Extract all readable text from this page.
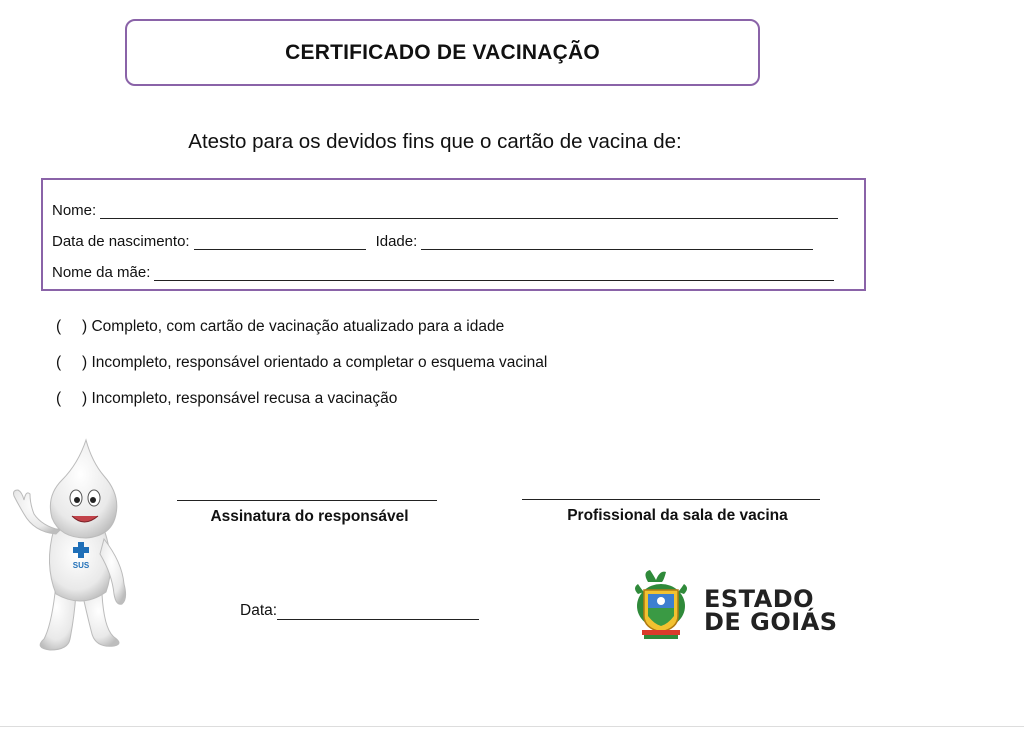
CERTIFICADO DE VACINAÇÃO
Atesto para os devidos fins que o cartão de vacina de:
Nome:
Data de nascimento:	Idade:
Nome da mãe:
(	) Completo, com cartão de vacinação atualizado para a idade
(	) Incompleto, responsável orientado a completar o esquema vacinal
(	) Incompleto, responsável recusa a vacinação
SUS
Assinatura do responsável	Profissional da sala de vacina
Data:	ESTADO
DE GOIÁS
